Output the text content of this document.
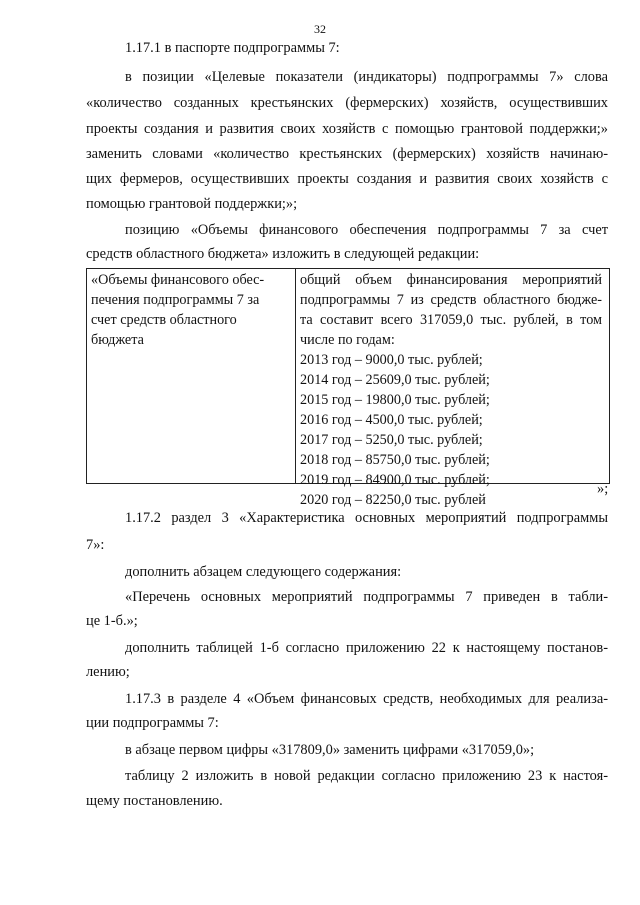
32
1.17.1 в паспорте подпрограммы 7:
в позиции «Целевые показатели (индикаторы) подпрограммы 7» слова
«количество созданных крестьянских (фермерских) хозяйств, осуществивших
проекты создания и развития своих хозяйств с помощью грантовой поддержки;»
заменить словами «количество крестьянских (фермерских) хозяйств начинаю-
щих фермеров, осуществивших проекты создания и развития своих хозяйств с
помощью грантовой поддержки;»;
позицию «Объемы финансового обеспечения подпрограммы 7 за счет
средств областного бюджета» изложить в следующей редакции:
«Объемы финансового обес-
печения подпрограммы 7 за
счет средств областного
бюджета
общий объем финансирования мероприятий
подпрограммы 7 из средств областного бюдже-
та составит всего 317059,0 тыс. рублей, в том
числе по годам:
2013 год – 9000,0 тыс. рублей;
2014 год – 25609,0 тыс. рублей;
2015 год – 19800,0 тыс. рублей;
2016 год – 4500,0 тыс. рублей;
2017 год – 5250,0 тыс. рублей;
2018 год – 85750,0 тыс. рублей;
2019 год – 84900,0 тыс. рублей;
2020 год – 82250,0 тыс. рублей
»;
1.17.2 раздел 3 «Характеристика основных мероприятий подпрограммы
7»:
дополнить абзацем следующего содержания:
«Перечень основных мероприятий подпрограммы 7 приведен в табли-
це 1-б.»;
дополнить таблицей 1-б согласно приложению 22 к настоящему постанов-
лению;
1.17.3 в разделе 4 «Объем финансовых средств, необходимых для реализа-
ции подпрограммы 7:
в абзаце первом цифры «317809,0» заменить цифрами «317059,0»;
таблицу 2 изложить в новой редакции согласно приложению 23 к настоя-
щему постановлению.
